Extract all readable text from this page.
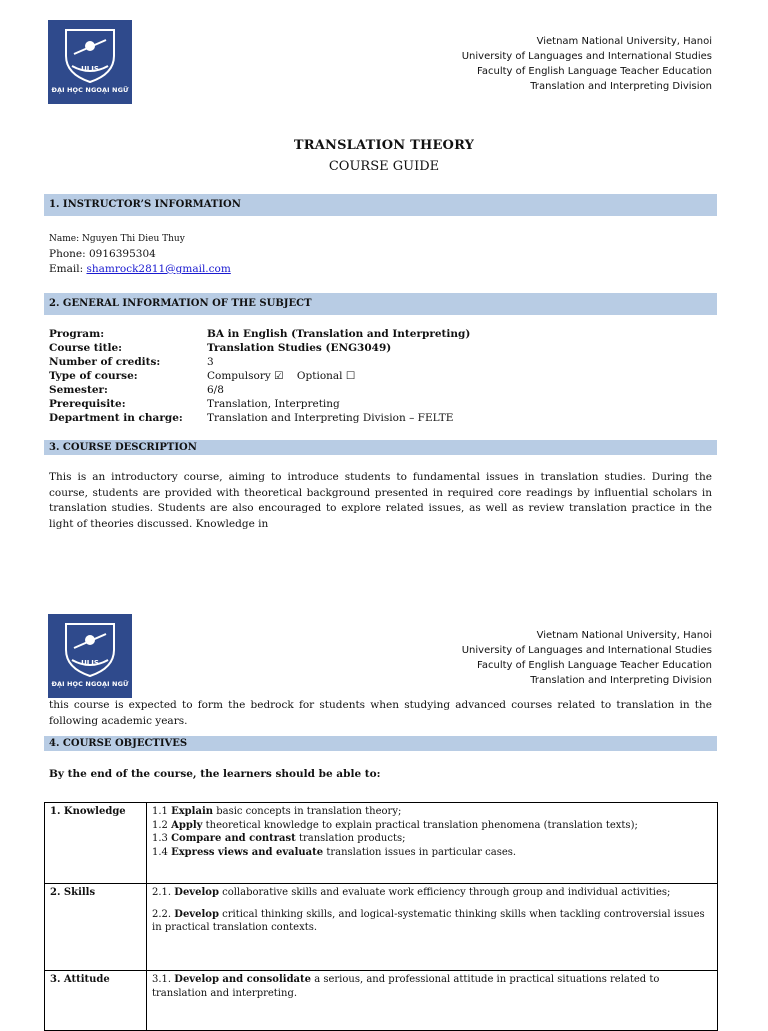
ULIS
ĐẠI HỌC NGOẠI NGỮ
Vietnam National University, Hanoi
University of Languages and International Studies
Faculty of English Language Teacher Education
Translation and Interpreting Division
TRANSLATION THEORY
COURSE GUIDE
1. INSTRUCTOR’S INFORMATION
Name: Nguyen Thi Dieu Thuy
Phone: 0916395304
Email: shamrock2811@gmail.com
2. GENERAL INFORMATION OF THE SUBJECT
Program:	BA in English (Translation and Interpreting)
Course title:	Translation Studies (ENG3049)
Number of credits:	3
Type of course:	Compulsory ☑    Optional ☐
Semester:	6/8
Prerequisite:	Translation, Interpreting
Department in charge:	Translation and Interpreting Division – FELTE
3. COURSE DESCRIPTION
This is an introductory course, aiming to introduce students to fundamental issues in translation studies. During the course, students are provided with theoretical background presented in required core readings by influential scholars in translation studies. Students are also encouraged to explore related issues, as well as review translation practice in the light of theories discussed. Knowledge in
ULIS
ĐẠI HỌC NGOẠI NGỮ
Vietnam National University, Hanoi
University of Languages and International Studies
Faculty of English Language Teacher Education
Translation and Interpreting Division
this course is expected to form the bedrock for students when studying advanced courses related to translation in the following academic years.
4. COURSE OBJECTIVES
By the end of the course, the learners should be able to:
1. Knowledge	1.1 Explain basic concepts in translation theory;

1.2 Apply theoretical knowledge to explain practical translation phenomena (translation texts);

1.3 Compare and contrast translation products;

1.4 Express views and evaluate translation issues in particular cases.

2. Skills	2.1. Develop collaborative skills and evaluate work efficiency through group and individual activities;

2.2. Develop critical thinking skills, and logical-systematic thinking skills when tackling controversial issues in practical translation contexts.

3. Attitude	3.1. Develop and consolidate a serious, and professional attitude in practical situations related to translation and interpreting.
